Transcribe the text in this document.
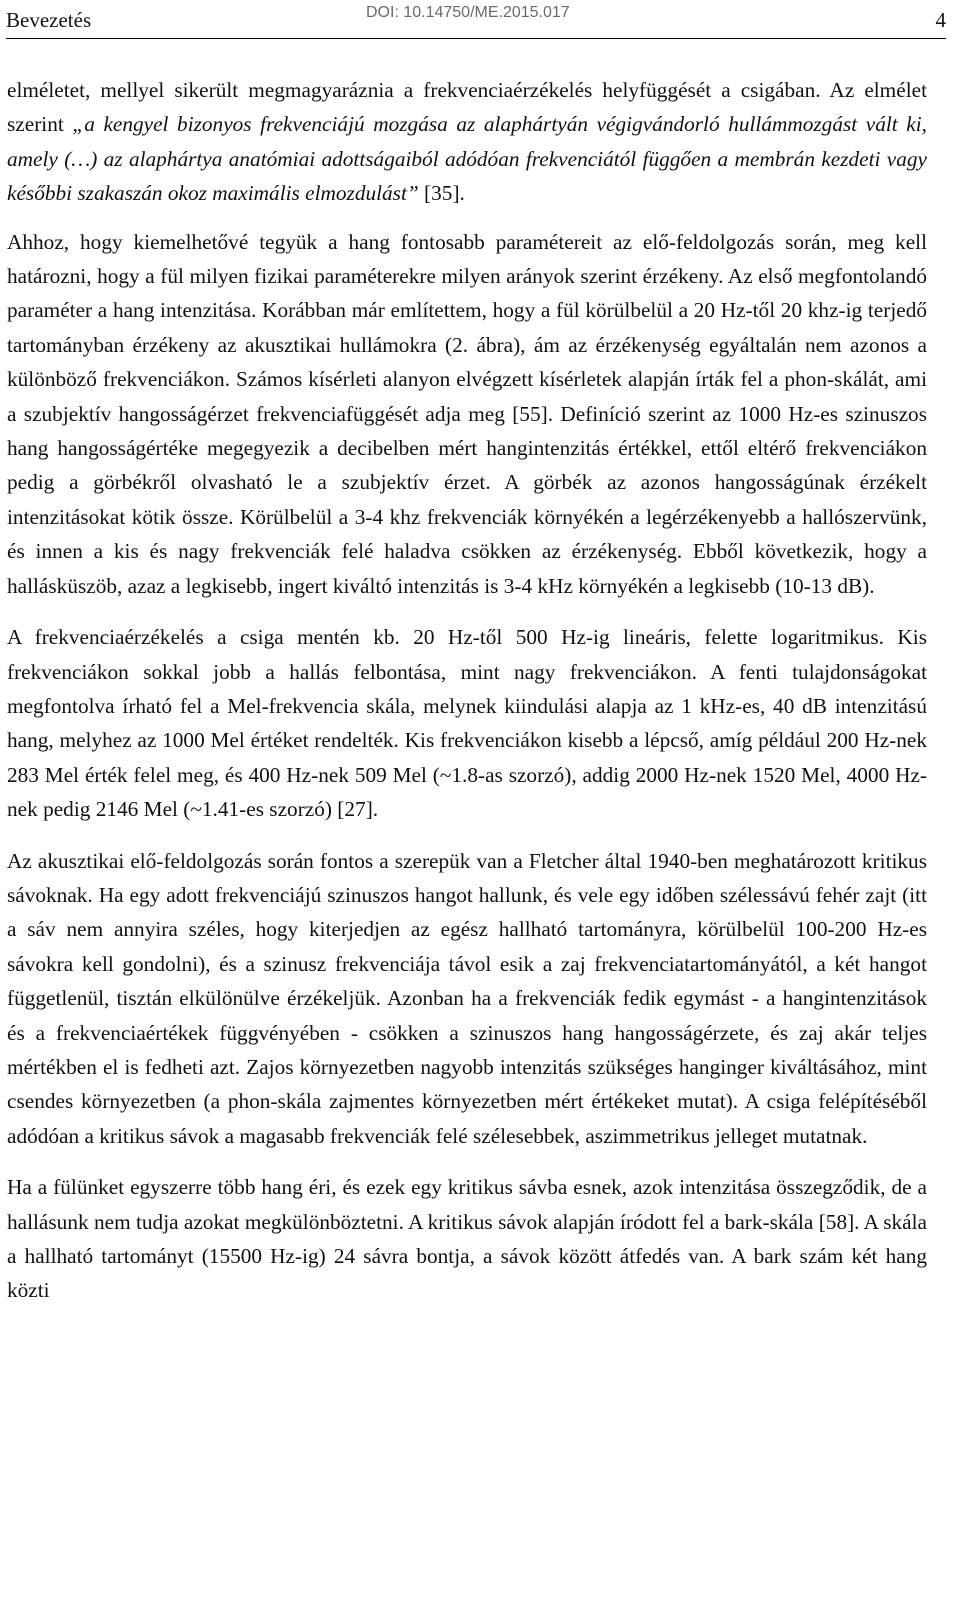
Bevezetés	DOI: 10.14750/ME.2015.017	4

elméletet, mellyel sikerült megmagyaráznia a frekvenciaérzékelés helyfüggését a csigában. Az elmélet szerint „a kengyel bizonyos frekvenciájú mozgása az alaphártyán végigvándorló hullámmozgást vált ki, amely (…) az alaphártya anatómiai adottságaiból adódóan frekvenciától függően a membrán kezdeti vagy későbbi szakaszán okoz maximális elmozdulást” [35].

Ahhoz, hogy kiemelhetővé tegyük a hang fontosabb paramétereit az elő-feldolgozás során, meg kell határozni, hogy a fül milyen fizikai paraméterekre milyen arányok szerint érzékeny. Az első megfontolandó paraméter a hang intenzitása. Korábban már említettem, hogy a fül körülbelül a 20 Hz-től 20 khz-ig terjedő tartományban érzékeny az akusztikai hullámokra (2. ábra), ám az érzékenység egyáltalán nem azonos a különböző frekvenciákon. Számos kísérleti alanyon elvégzett kísérletek alapján írták fel a phon-skálát, ami a szubjektív hangosságérzet frekvenciafüggését adja meg [55]. Definíció szerint az 1000 Hz-es szinuszos hang hangosságértéke megegyezik a decibelben mért hangintenzitás értékkel, ettől eltérő frekvenciákon pedig a görbékről olvasható le a szubjektív érzet. A görbék az azonos hangosságúnak érzékelt intenzitásokat kötik össze. Körülbelül a 3-4 khz frekvenciák környékén a legérzékenyebb a hallószervünk, és innen a kis és nagy frekvenciák felé haladva csökken az érzékenység. Ebből következik, hogy a hallásküszöb, azaz a legkisebb, ingert kiváltó intenzitás is 3-4 kHz környékén a legkisebb (10-13 dB).

A frekvenciaérzékelés a csiga mentén kb. 20 Hz-től 500 Hz-ig lineáris, felette logaritmikus. Kis frekvenciákon sokkal jobb a hallás felbontása, mint nagy frekvenciákon. A fenti tulajdonságokat megfontolva írható fel a Mel-frekvencia skála, melynek kiindulási alapja az 1 kHz-es, 40 dB intenzitású hang, melyhez az 1000 Mel értéket rendelték. Kis frekvenciákon kisebb a lépcső, amíg például 200 Hz-nek 283 Mel érték felel meg, és 400 Hz-nek 509 Mel (~1.8-as szorzó), addig 2000 Hz-nek 1520 Mel, 4000 Hz-nek pedig 2146 Mel (~1.41-es szorzó) [27].

Az akusztikai elő-feldolgozás során fontos a szerepük van a Fletcher által 1940-ben meghatározott kritikus sávoknak. Ha egy adott frekvenciájú szinuszos hangot hallunk, és vele egy időben szélessávú fehér zajt (itt a sáv nem annyira széles, hogy kiterjedjen az egész hallható tartományra, körülbelül 100-200 Hz-es sávokra kell gondolni), és a szinusz frekvenciája távol esik a zaj frekvenciatartományától, a két hangot függetlenül, tisztán elkülönülve érzékeljük. Azonban ha a frekvenciák fedik egymást - a hangintenzitások és a frekvenciaértékek függvényében - csökken a szinuszos hang hangosságérzete, és zaj akár teljes mértékben el is fedheti azt. Zajos környezetben nagyobb intenzitás szükséges hanginger kiváltásához, mint csendes környezetben (a phon-skála zajmentes környezetben mért értékeket mutat). A csiga felépítéséből adódóan a kritikus sávok a magasabb frekvenciák felé szélesebbek, aszimmetrikus jelleget mutatnak.

Ha a fülünket egyszerre több hang éri, és ezek egy kritikus sávba esnek, azok intenzitása összegződik, de a hallásunk nem tudja azokat megkülönböztetni. A kritikus sávok alapján íródott fel a bark-skála [58]. A skála a hallható tartományt (15500 Hz-ig) 24 sávra bontja, a sávok között átfedés van. A bark szám két hang közti
